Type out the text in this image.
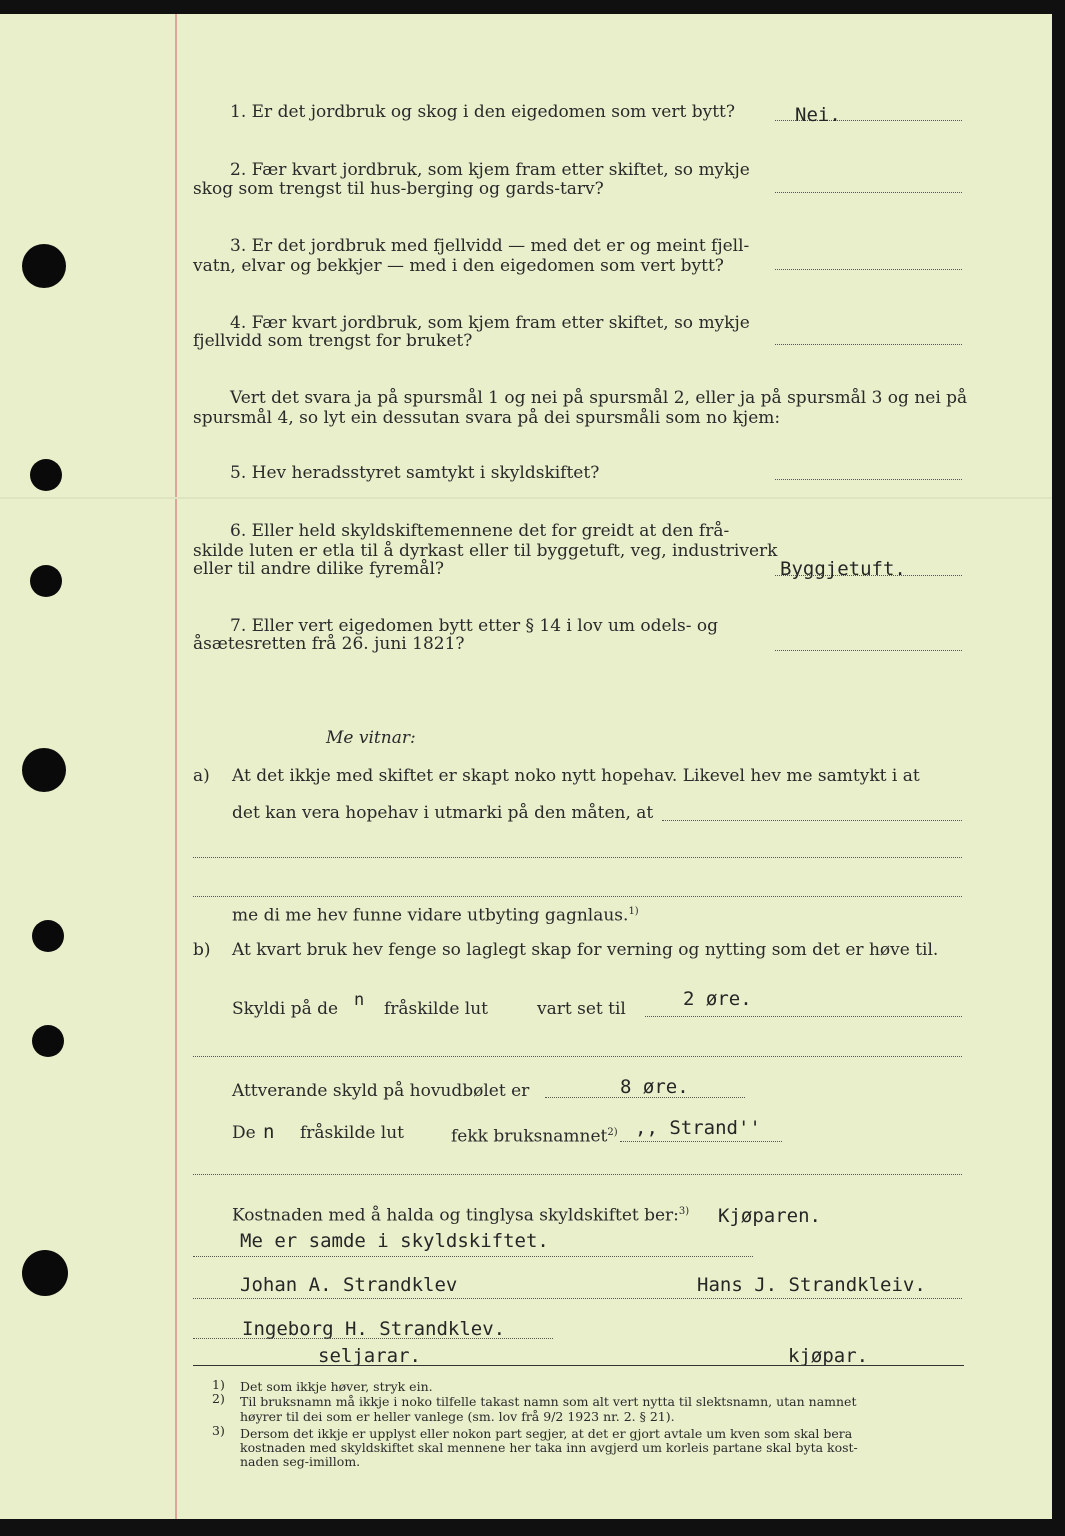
1. Er det jordbruk og skog i den eigedomen som vert bytt?	Nei.
2. Fær kvart jordbruk, som kjem fram etter skiftet, so mykje
skog som trengst til hus-berging og gards-tarv?
3. Er det jordbruk med fjellvidd — med det er og meint fjell-
vatn, elvar og bekkjer — med i den eigedomen som vert bytt?
4. Fær kvart jordbruk, som kjem fram etter skiftet, so mykje
fjellvidd som trengst for bruket?
Vert det svara ja på spursmål 1 og nei på spursmål 2, eller ja på spursmål 3 og nei på
spursmål 4, so lyt ein dessutan svara på dei spursmåli som no kjem:
5. Hev heradsstyret samtykt i skyldskiftet?
6. Eller held skyldskiftemennene det for greidt at den frå-
skilde luten er etla til å dyrkast eller til byggetuft, veg, industriverk
eller til andre dilike fyremål?	Byggjetuft.
7. Eller vert eigedomen bytt etter § 14 i lov um odels- og
åsætesretten frå 26. juni 1821?
Me vitnar:
a) At det ikkje med skiftet er skapt noko nytt hopehav. Likevel hev me samtykt i at
det kan vera hopehav i utmarki på den måten, at
me di me hev funne vidare utbyting gagnlaus.$^{1)}$
b) At kvart bruk hev fenge so laglegt skap for verning og nytting som det er høve til.
Skyldi på de n fråskilde lut	vart set til	2 øre.
Attverande skyld på hovudbølet er	8 øre.
De n fråskilde lut	fekk bruksnamnet$^{2)}$ ,, Strand''
Kostnaden med å halda og tinglysa skyldskiftet ber:$^{3)}$ Kjøparen.
Me er samde i skyldskiftet.
Johan A. Strandklev	Hans J. Strandkleiv.
Ingeborg H. Strandklev.
seljarar.	kjøpar.
1) Det som ikkje høver, stryk ein.
2) Til bruksnamn må ikkje i noko tilfelle takast namn som alt vert nytta til slektsnamn, utan namnet
høyrer til dei som er heller vanlege (sm. lov frå 9/2 1923 nr. 2. § 21).
3) Dersom det ikkje er upplyst eller nokon part segjer, at det er gjort avtale um kven som skal bera
kostnaden med skyldskiftet skal mennene her taka inn avgjerd um korleis partane skal byta kost-
naden seg-imillom.
